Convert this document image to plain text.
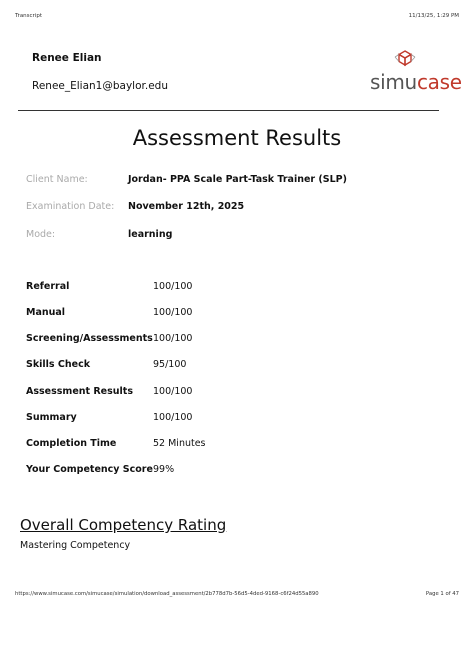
Transcript	11/13/25, 1:29 PM
Renee Elian
Renee_Elian1@baylor.edu	simucase
Assessment Results
Client Name:	Jordan- PPA Scale Part-Task Trainer (SLP)
Examination Date: November 12th, 2025
Mode:	learning
Referral	100/100
Manual	100/100
Screening/Assessments 100/100
Skills Check	95/100
Assessment Results 100/100
Summary	100/100
Completion Time	52 Minutes
Your Competency Score 99%
Overall Competency Rating
Mastering Competency
https://www.simucase.com/simucase/simulation/download_assessment/2b778d7b-56d5-4ded-9168-c6f24d55a890	Page 1 of 47
